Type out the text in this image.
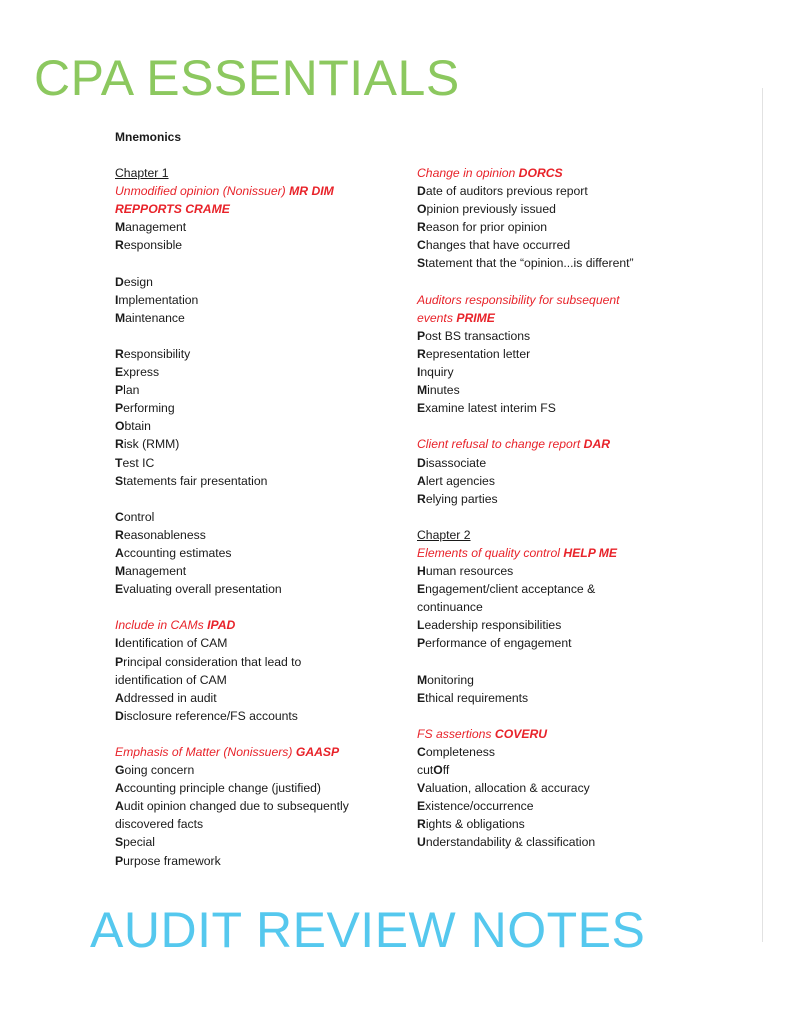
CPA ESSENTIALS
Mnemonics
Chapter 1
Unmodified opinion (Nonissuer) MR DIM
REPPORTS CRAME
Management
Responsible
Design
Implementation
Maintenance
Responsibility
Express
Plan
Performing
Obtain
Risk (RMM)
Test IC
Statements fair presentation
Control
Reasonableness
Accounting estimates
Management
Evaluating overall presentation
Include in CAMs IPAD
Identification of CAM
Principal consideration that lead to
identification of CAM
Addressed in audit
Disclosure reference/FS accounts
Emphasis of Matter (Nonissuers) GAASP
Going concern
Accounting principle change (justified)
Audit opinion changed due to subsequently
discovered facts
Special
Purpose framework
Change in opinion DORCS
Date of auditors previous report
Opinion previously issued
Reason for prior opinion
Changes that have occurred
Statement that the “opinion...is different”
Auditors responsibility for subsequent
events PRIME
Post BS transactions
Representation letter
Inquiry
Minutes
Examine latest interim FS
Client refusal to change report DAR
Disassociate
Alert agencies
Relying parties
Chapter 2
Elements of quality control HELP ME
Human resources
Engagement/client acceptance &
continuance
Leadership responsibilities
Performance of engagement
Monitoring
Ethical requirements
FS assertions COVERU
Completeness
cutOff
Valuation, allocation & accuracy
Existence/occurrence
Rights & obligations
Understandability & classification
AUDIT REVIEW NOTES
